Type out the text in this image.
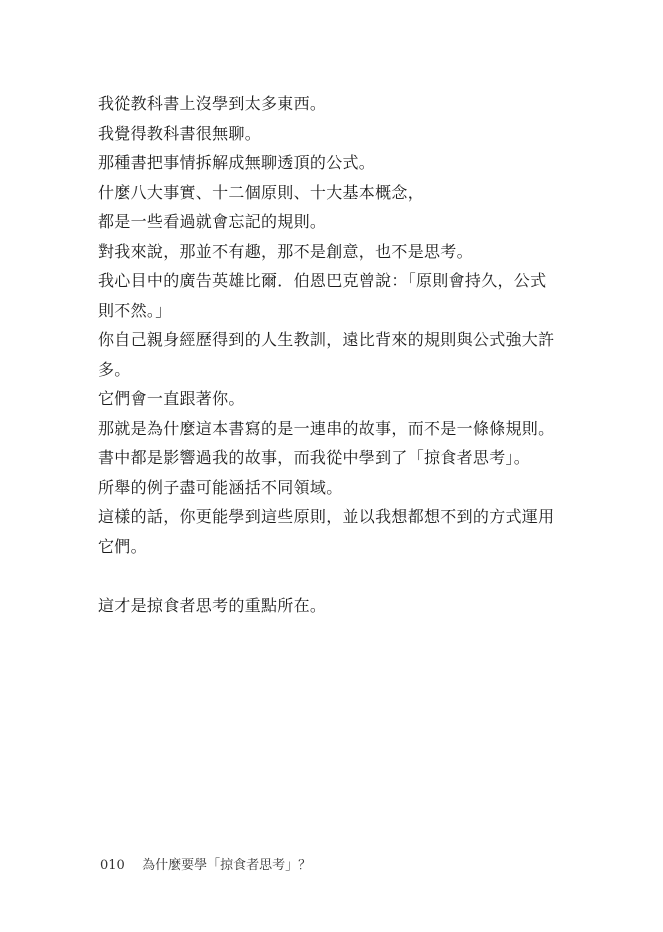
我從教科書上沒學到太多東西。
我覺得教科書很無聊。
那種書把事情拆解成無聊透頂的公式。
什麼八大事實、十二個原則、十大基本概念，
都是一些看過就會忘記的規則。
對我來說，那並不有趣，那不是創意，也不是思考。
我心目中的廣告英雄比爾．伯恩巴克曾說：「原則會持久，公式
則不然。」
你自己親身經歷得到的人生教訓，遠比背來的規則與公式強大許
多。
它們會一直跟著你。
那就是為什麼這本書寫的是一連串的故事，而不是一條條規則。
書中都是影響過我的故事，而我從中學到了「掠食者思考」。
所舉的例子盡可能涵括不同領域。
這樣的話，你更能學到這些原則，並以我想都想不到的方式運用
它們。
這才是掠食者思考的重點所在。
010 為什麼要學「掠食者思考」？
